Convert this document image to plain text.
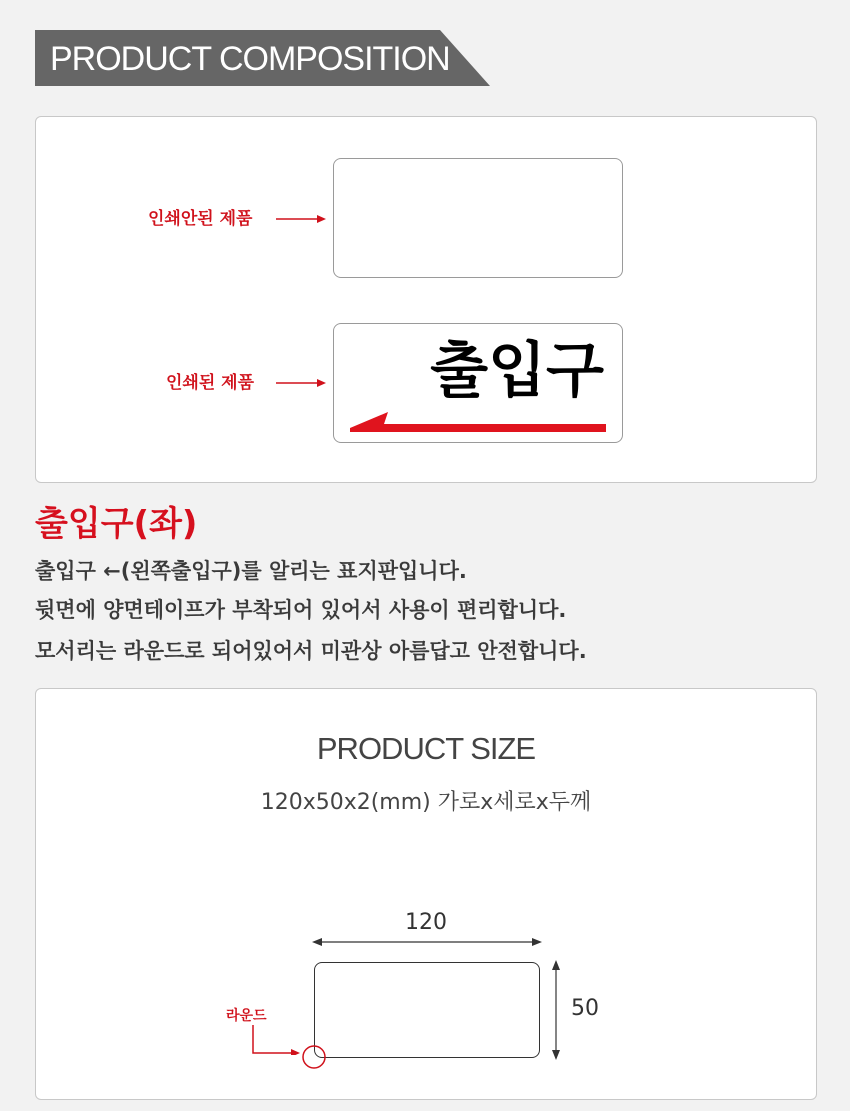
PRODUCT COMPOSITION
인쇄안된 제품
인쇄된 제품	출입구
출입구(좌)
출입구 ←(왼쪽출입구)를 알리는 표지판입니다.
뒷면에 양면테이프가 부착되어 있어서 사용이 편리합니다.
모서리는 라운드로 되어있어서 미관상 아름답고 안전합니다.
PRODUCT SIZE
120x50x2(mm) 가로x세로x두께
120
50
라운드
